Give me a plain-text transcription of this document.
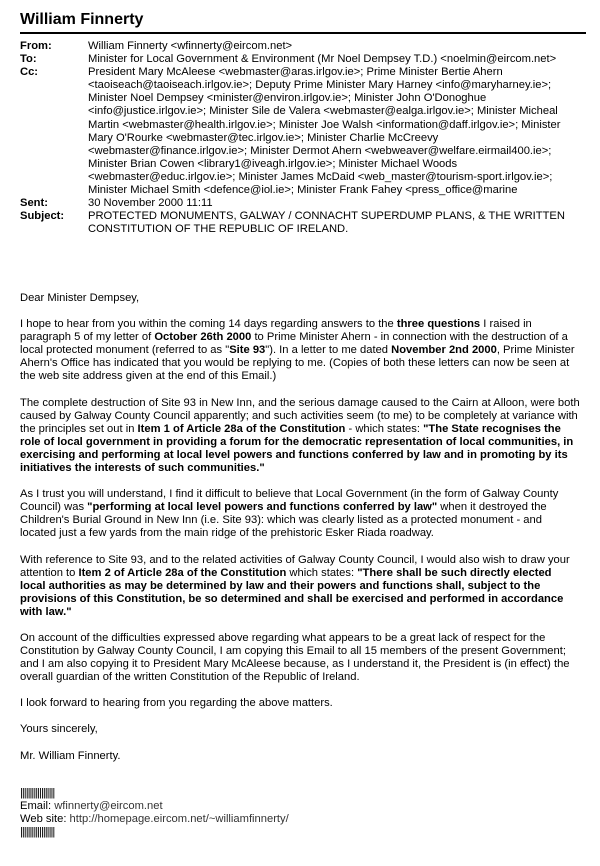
William Finnerty
From:	William Finnerty <wfinnerty@eircom.net>
To:	Minister for Local Government & Environment (Mr Noel Dempsey T.D.) <noelmin@eircom.net>
Cc:	President Mary McAleese <webmaster@aras.irlgov.ie>; Prime Minister Bertie Ahern <taoiseach@taoiseach.irlgov.ie>; Deputy Prime Minister Mary Harney <info@maryharney.ie>; Minister Noel Dempsey <minister@environ.irlgov.ie>; Minister John O'Donoghue <info@justice.irlgov.ie>; Minister Sile de Valera <webmaster@ealga.irlgov.ie>; Minister Micheal Martin <webmaster@health.irlgov.ie>; Minister Joe Walsh <information@daff.irlgov.ie>; Minister Mary O'Rourke <webmaster@tec.irlgov.ie>; Minister Charlie McCreevy <webmaster@finance.irlgov.ie>; Minister Dermot Ahern <webweaver@welfare.eirmail400.ie>; Minister Brian Cowen <library1@iveagh.irlgov.ie>; Minister Michael Woods <webmaster@educ.irlgov.ie>; Minister James McDaid <web_master@tourism-sport.irlgov.ie>; Minister Michael Smith <defence@iol.ie>; Minister Frank Fahey <press_office@marine
Sent:	30 November 2000 11:11
Subject:	PROTECTED MONUMENTS, GALWAY / CONNACHT SUPERDUMP PLANS, & THE WRITTEN CONSTITUTION OF THE REPUBLIC OF IRELAND.

Dear Minister Dempsey,

I hope to hear from you within the coming 14 days regarding answers to the three questions I raised in paragraph 5 of my letter of October 26th 2000 to Prime Minister Ahern - in connection with the destruction of a local protected monument (referred to as "Site 93"). In a letter to me dated November 2nd 2000, Prime Minister Ahern's Office has indicated that you would be replying to me. (Copies of both these letters can now be seen at the web site address given at the end of this Email.)

The complete destruction of Site 93 in New Inn, and the serious damage caused to the Cairn at Alloon, were both caused by Galway County Council apparently; and such activities seem (to me) to be completely at variance with the principles set out in Item 1 of Article 28a of the Constitution - which states: "The State recognises the role of local government in providing a forum for the democratic representation of local communities, in exercising and performing at local level powers and functions conferred by law and in promoting by its initiatives the interests of such communities."

As I trust you will understand, I find it difficult to believe that Local Government (in the form of Galway County Council) was "performing at local level powers and functions conferred by law" when it destroyed the Children's Burial Ground in New Inn (i.e. Site 93): which was clearly listed as a protected monument - and located just a few yards from the main ridge of the prehistoric Esker Riada roadway.

With reference to Site 93, and to the related activities of Galway County Council, I would also wish to draw your attention to Item 2 of Article 28a of the Constitution which states: "There shall be such directly elected local authorities as may be determined by law and their powers and functions shall, subject to the provisions of this Constitution, be so determined and shall be exercised and performed in accordance with law."

On account of the difficulties expressed above regarding what appears to be a great lack of respect for the Constitution by Galway County Council, I am copying this Email to all 15 members of the present Government; and I am also copying it to President Mary McAleese because, as I understand it, the President is (in effect) the overall guardian of the written Constitution of the Republic of Ireland.

I look forward to hearing from you regarding the above matters.

Yours sincerely,

Mr. William Finnerty.

||||||||||||||||||
Email: wfinnerty@eircom.net
Web site: http://homepage.eircom.net/~williamfinnerty/
||||||||||||||||||
